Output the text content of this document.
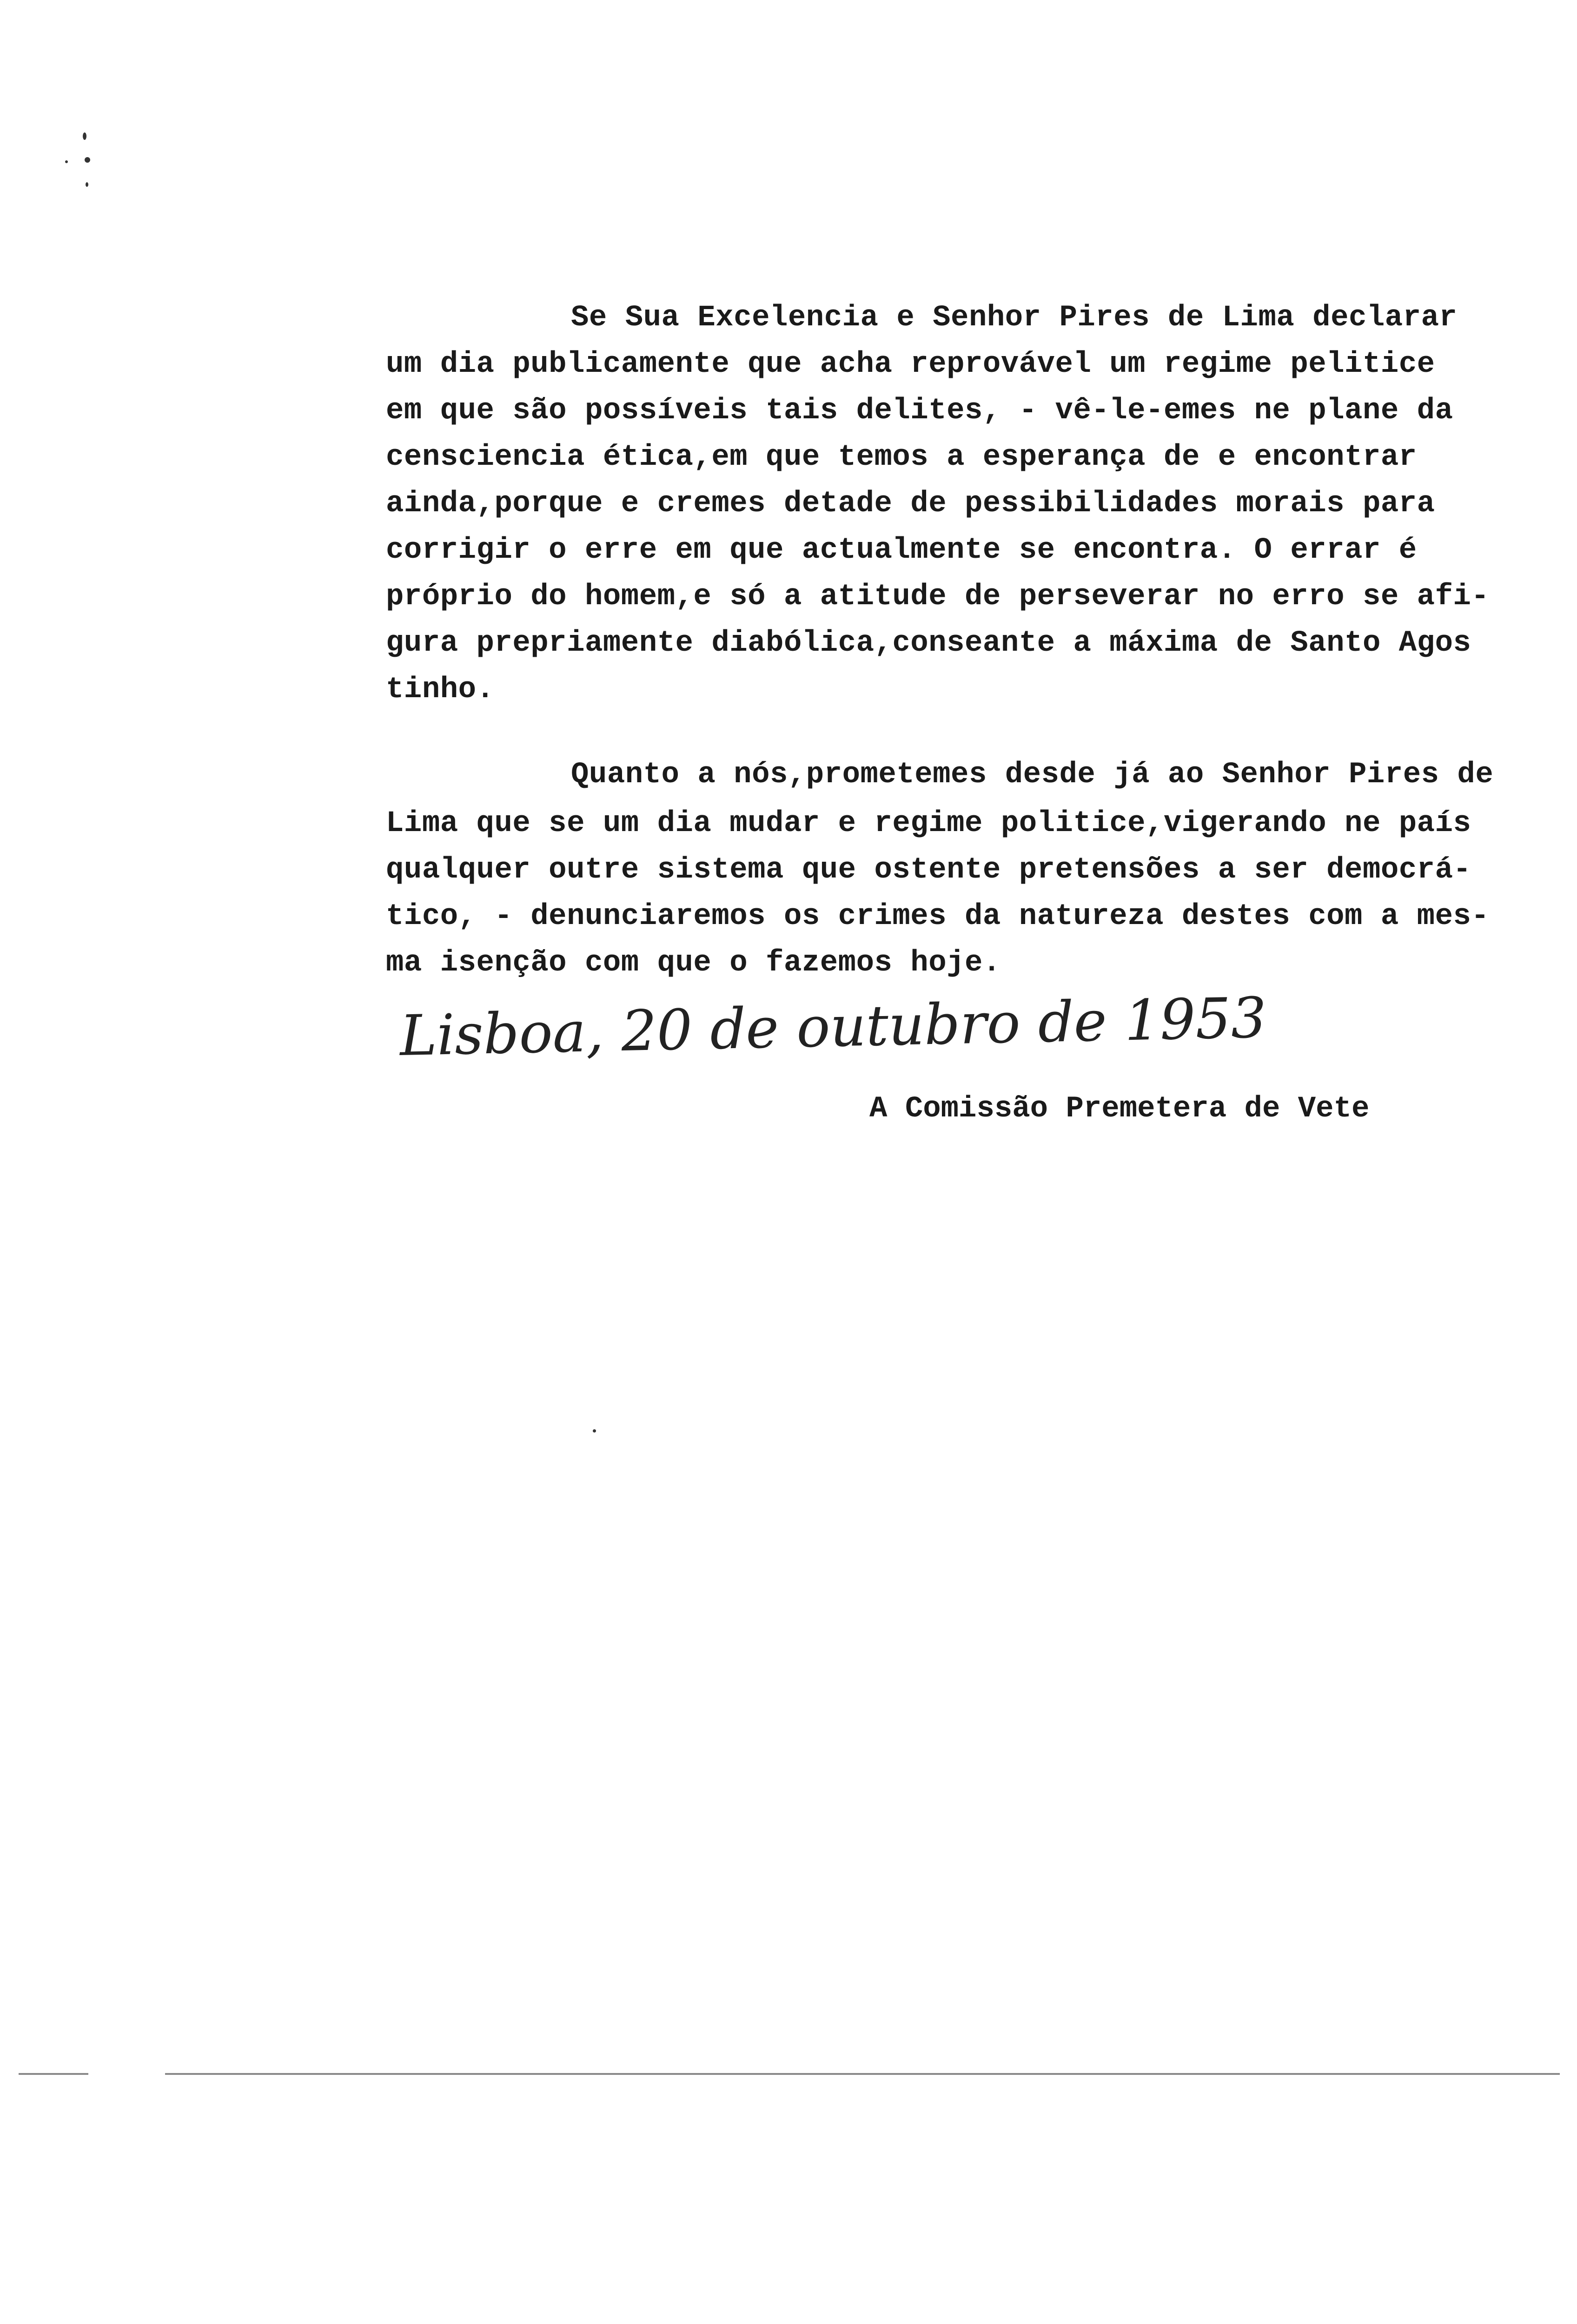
Se Sua Excelencia e Senhor Pires de Lima declarar
um dia publicamente que acha reprovável um regime pelitice
em que são possíveis tais delites, - vê-le-emes ne plane da
censciencia ética,em que temos a esperança de e encontrar
ainda,porque e cremes detade de pessibilidades morais para
corrigir o erre em que actualmente se encontra. O errar é
próprio do homem,e só a atitude de perseverar no erro se afi-
gura prepriamente diabólica,conseante a máxima de Santo Agos
tinho.
Quanto a nós,prometemes desde já ao Senhor Pires de
Lima que se um dia mudar e regime politice,vigerando ne país
qualquer outre sistema que ostente pretensões a ser democrá-
tico, - denunciaremos os crimes da natureza destes com a mes-
ma isenção com que o fazemos hoje.
Lisboa, 20 de outubro de 1953
A Comissão Premetera de Vete
